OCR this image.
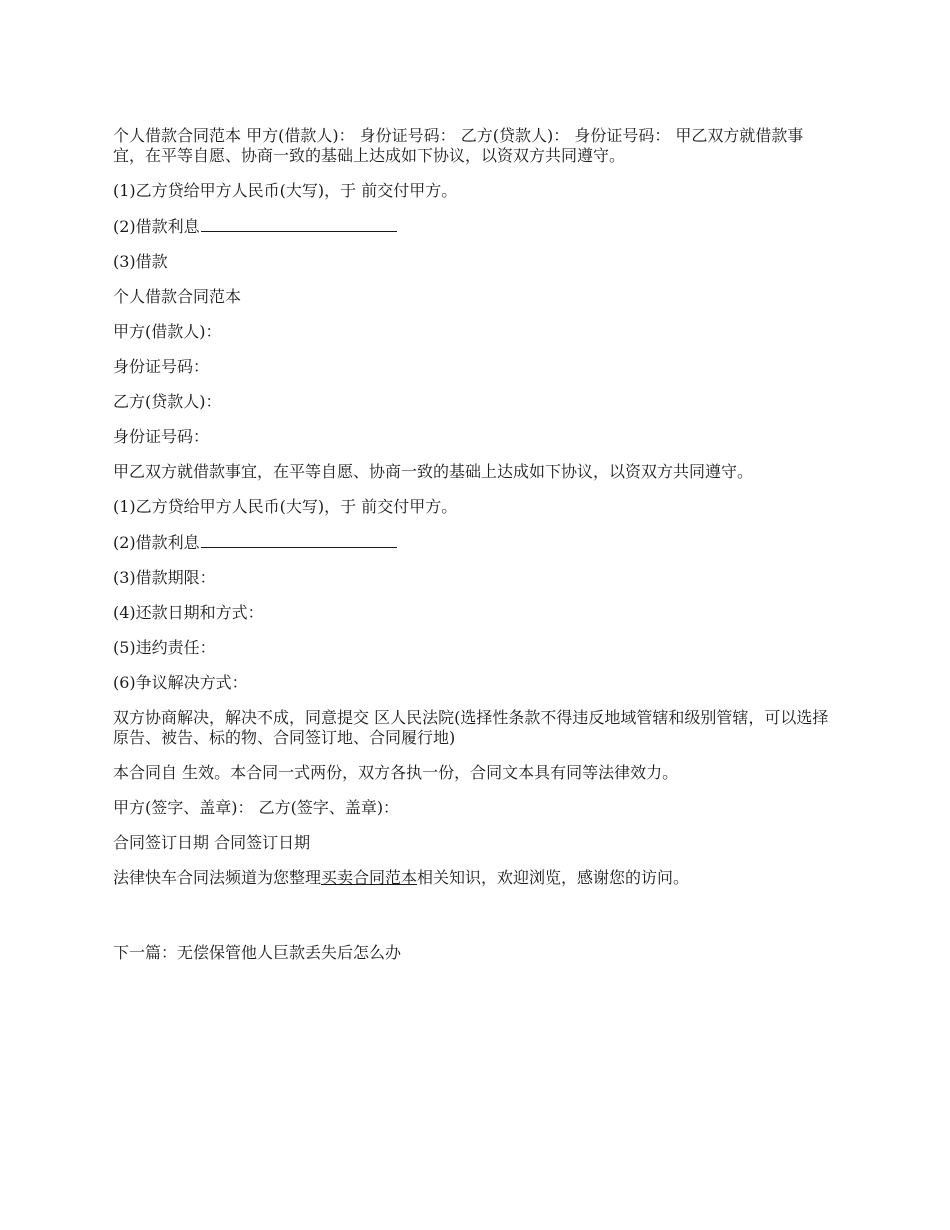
个人借款合同范本 甲方(借款人)： 身份证号码： 乙方(贷款人)： 身份证号码： 甲乙双方就借款事宜，在平等自愿、协商一致的基础上达成如下协议，以资双方共同遵守。

(1)乙方贷给甲方人民币(大写)，于 前交付甲方。

(2)借款利息

(3)借款

个人借款合同范本

甲方(借款人)：

身份证号码：

乙方(贷款人)：

身份证号码：

甲乙双方就借款事宜，在平等自愿、协商一致的基础上达成如下协议，以资双方共同遵守。

(1)乙方贷给甲方人民币(大写)，于 前交付甲方。

(2)借款利息

(3)借款期限：

(4)还款日期和方式：

(5)违约责任：

(6)争议解决方式：

双方协商解决，解决不成，同意提交 区人民法院(选择性条款不得违反地域管辖和级别管辖，可以选择原告、被告、标的物、合同签订地、合同履行地)

本合同自 生效。本合同一式两份，双方各执一份，合同文本具有同等法律效力。

甲方(签字、盖章)： 乙方(签字、盖章)：

合同签订日期 合同签订日期

法律快车合同法频道为您整理买卖合同范本相关知识，欢迎浏览，感谢您的访问。

下一篇：无偿保管他人巨款丢失后怎么办
